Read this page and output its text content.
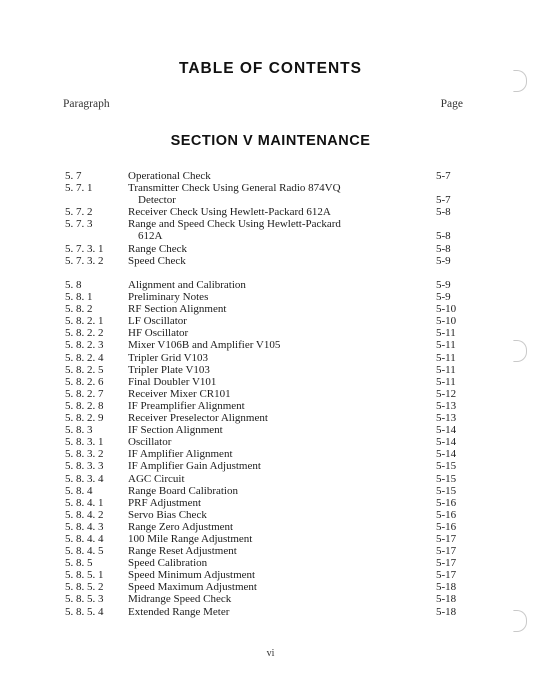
TABLE OF CONTENTS
Paragraph	Page
SECTION V MAINTENANCE
5. 7	Operational Check	5-7
5. 7. 1	Transmitter Check Using General Radio 874VQ
Detector	5-7
5. 7. 2	Receiver Check Using Hewlett-Packard 612A	5-8
5. 7. 3	Range and Speed Check Using Hewlett-Packard
612A	5-8
5. 7. 3. 1 Range Check	5-8
5. 7. 3. 2 Speed Check	5-9
5. 8	Alignment and Calibration	5-9
5. 8. 1	Preliminary Notes	5-9
5. 8. 2	RF Section Alignment	5-10
5. 8. 2. 1 LF Oscillator	5-10
5. 8. 2. 2 HF Oscillator	5-11
5. 8. 2. 3 Mixer V106B and Amplifier V105	5-11
5. 8. 2. 4 Tripler Grid V103	5-11
5. 8. 2. 5 Tripler Plate V103	5-11
5. 8. 2. 6 Final Doubler V101	5-11
5. 8. 2. 7 Receiver Mixer CR101	5-12
5. 8. 2. 8 IF Preamplifier Alignment	5-13
5. 8. 2. 9 Receiver Preselector Alignment	5-13
5. 8. 3	IF Section Alignment	5-14
5. 8. 3. 1 Oscillator	5-14
5. 8. 3. 2 IF Amplifier Alignment	5-14
5. 8. 3. 3 IF Amplifier Gain Adjustment	5-15
5. 8. 3. 4 AGC Circuit	5-15
5. 8. 4	Range Board Calibration	5-15
5. 8. 4. 1 PRF Adjustment	5-16
5. 8. 4. 2 Servo Bias Check	5-16
5. 8. 4. 3 Range Zero Adjustment	5-16
5. 8. 4. 4 100 Mile Range Adjustment	5-17
5. 8. 4. 5 Range Reset Adjustment	5-17
5. 8. 5	Speed Calibration	5-17
5. 8. 5. 1 Speed Minimum Adjustment	5-17
5. 8. 5. 2 Speed Maximum Adjustment	5-18
5. 8. 5. 3 Midrange Speed Check	5-18
5. 8. 5. 4 Extended Range Meter	5-18
vi
